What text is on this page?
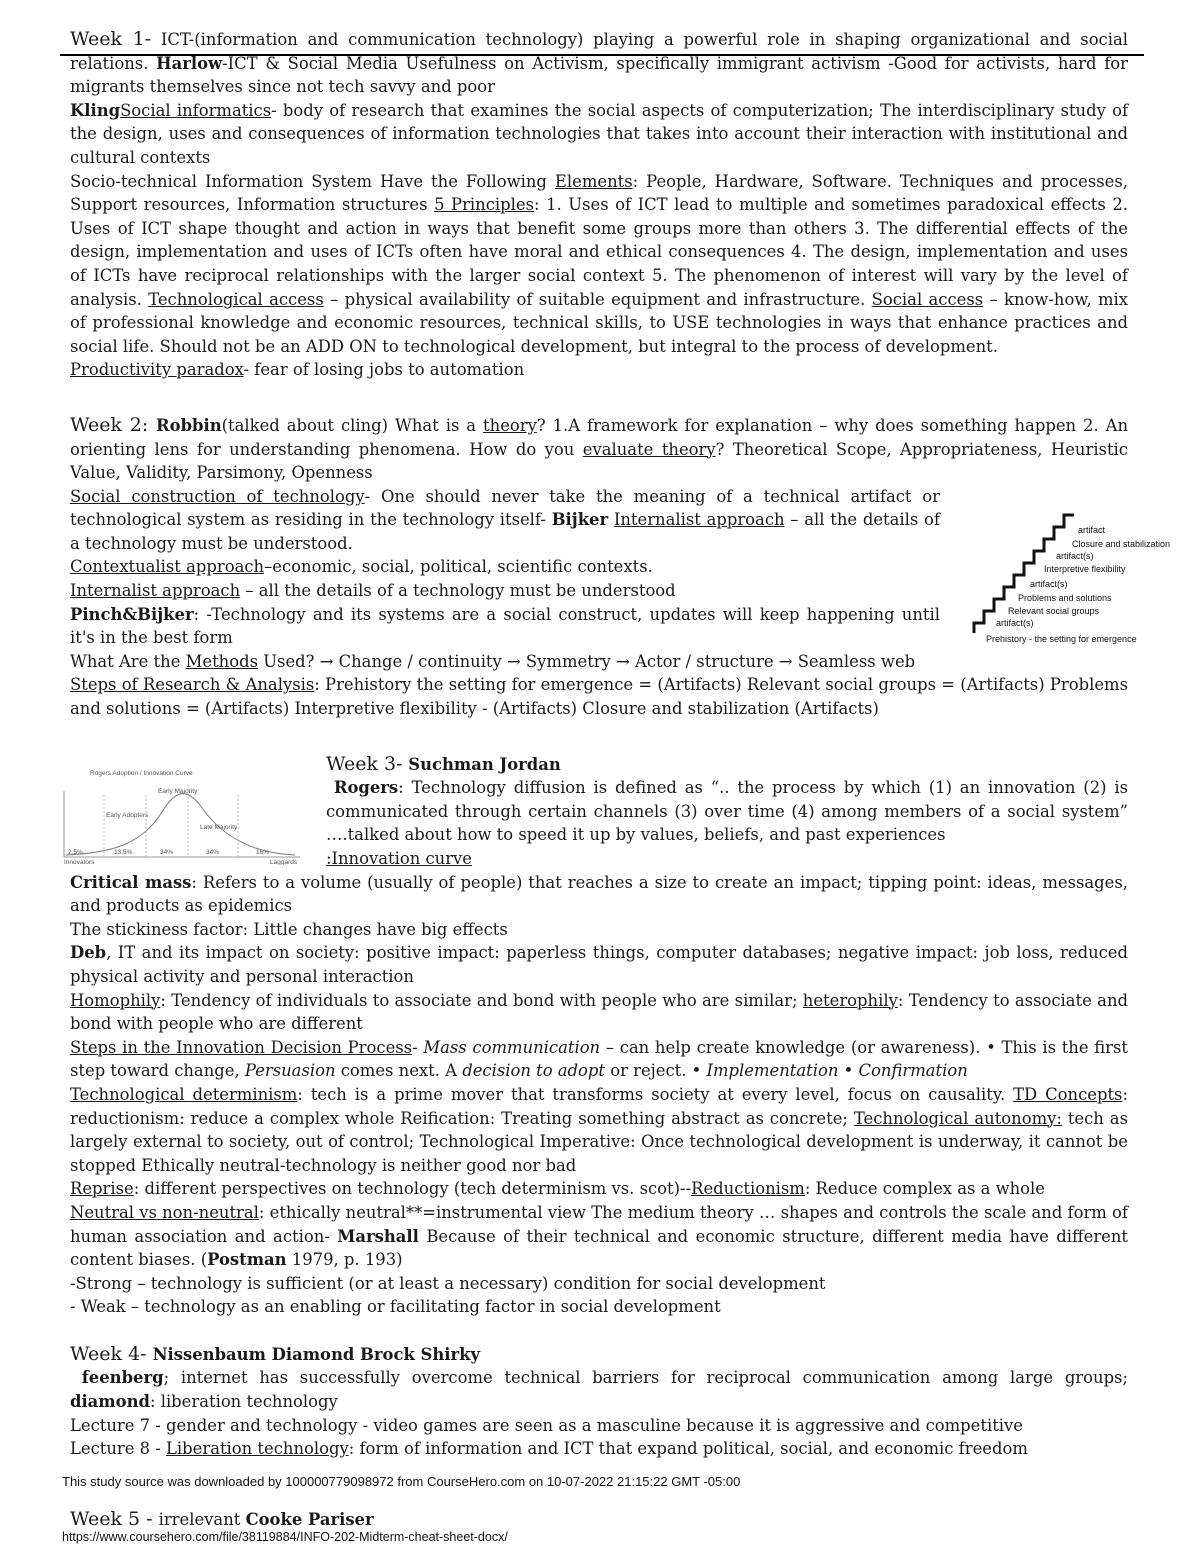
Week 1- ICT-(information and communication technology) playing a powerful role in shaping organizational and social relations. Harlow-ICT & Social Media Usefulness on Activism, specifically immigrant activism -Good for activists, hard for migrants themselves since not tech savvy and poor

KlingSocial informatics- body of research that examines the social aspects of computerization; The interdisciplinary study of the design, uses and consequences of information technologies that takes into account their interaction with institutional and cultural contexts

Socio-technical Information System Have the Following Elements: People, Hardware, Software. Techniques and processes, Support resources, Information structures 5 Principles: 1. Uses of ICT lead to multiple and sometimes paradoxical effects 2. Uses of ICT shape thought and action in ways that benefit some groups more than others 3. The differential effects of the design, implementation and uses of ICTs often have moral and ethical consequences 4. The design, implementation and uses of ICTs have reciprocal relationships with the larger social context 5. The phenomenon of interest will vary by the level of analysis. Technological access – physical availability of suitable equipment and infrastructure. Social access – know-how, mix of professional knowledge and economic resources, technical skills, to USE technologies in ways that enhance practices and social life. Should not be an ADD ON to technological development, but integral to the process of development.

Productivity paradox- fear of losing jobs to automation

Week 2: Robbin(talked about cling) What is a theory? 1.A framework for explanation – why does something happen 2. An orienting lens for understanding phenomena. How do you evaluate theory? Theoretical Scope, Appropriateness, Heuristic Value, Validity, Parsimony, Openness

Social construction of technology- One should never take the meaning of a technical artifact or technological system as residing in the technology itself- Bijker Internalist approach – all the details of a technology must be understood.

Contextualist approach–economic, social, political, scientific contexts.

Internalist approach – all the details of a technology must be understood

Pinch&Bijker: -Technology and its systems are a social construct, updates will keep happening until it's in the best form

What Are the Methods Used? → Change / continuity → Symmetry → Actor / structure → Seamless web

Steps of Research & Analysis: Prehistory the setting for emergence = (Artifacts) Relevant social groups = (Artifacts) Problems and solutions = (Artifacts) Interpretive flexibility - (Artifacts) Closure and stabilization (Artifacts)

Week 3- Suchman Jordan

Rogers: Technology diffusion is defined as “.. the process by which (1) an innovation (2) is communicated through certain channels (3) over time (4) among members of a social system” ….talked about how to speed it up by values, beliefs, and past experiences

:Innovation curve

Critical mass: Refers to a volume (usually of people) that reaches a size to create an impact; tipping point: ideas, messages, and products as epidemics

The stickiness factor: Little changes have big effects

Deb, IT and its impact on society: positive impact: paperless things, computer databases; negative impact: job loss, reduced physical activity and personal interaction

Homophily: Tendency of individuals to associate and bond with people who are similar; heterophily: Tendency to associate and bond with people who are different

Steps in the Innovation Decision Process- Mass communication – can help create knowledge (or awareness). • This is the first step toward change, Persuasion comes next. A decision to adopt or reject. • Implementation • Confirmation

Technological determinism: tech is a prime mover that transforms society at every level, focus on causality. TD Concepts: reductionism: reduce a complex whole Reification: Treating something abstract as concrete; Technological autonomy: tech as largely external to society, out of control; Technological Imperative: Once technological development is underway, it cannot be stopped Ethically neutral-technology is neither good nor bad

Reprise: different perspectives on technology (tech determinism vs. scot)--Reductionism: Reduce complex as a whole

Neutral vs non-neutral: ethically neutral**=instrumental view The medium theory … shapes and controls the scale and form of human association and action- Marshall Because of their technical and economic structure, different media have different content biases. (Postman 1979, p. 193)

-Strong – technology is sufficient (or at least a necessary) condition for social development

- Weak – technology as an enabling or facilitating factor in social development

Week 4- Nissenbaum Diamond Brock Shirky

feenberg; internet has successfully overcome technical barriers for reciprocal communication among large groups; diamond: liberation technology

Lecture 7 - gender and technology - video games are seen as a masculine because it is aggressive and competitive

Lecture 8 - Liberation technology: form of information and ICT that expand political, social, and economic freedom

artifact
Closure and stabilization
artifact(s)
Interpretive flexibility
artifact(s)
Problems and solutions
Relevant social groups
artifact(s)
Prehistory - the setting for emergence
Rogers Adoption / Innovation Curve
Early Majority
Early Adopters
Late Majority
2.5%	13.5%	34%	34%	16%
Innovators	Laggards
This study source was downloaded by 100000779098972 from CourseHero.com on 10-07-2022 21:15:22 GMT -05:00
Week 5 - irrelevant Cooke Pariser
https://www.coursehero.com/file/38119884/INFO-202-Midterm-cheat-sheet-docx/
